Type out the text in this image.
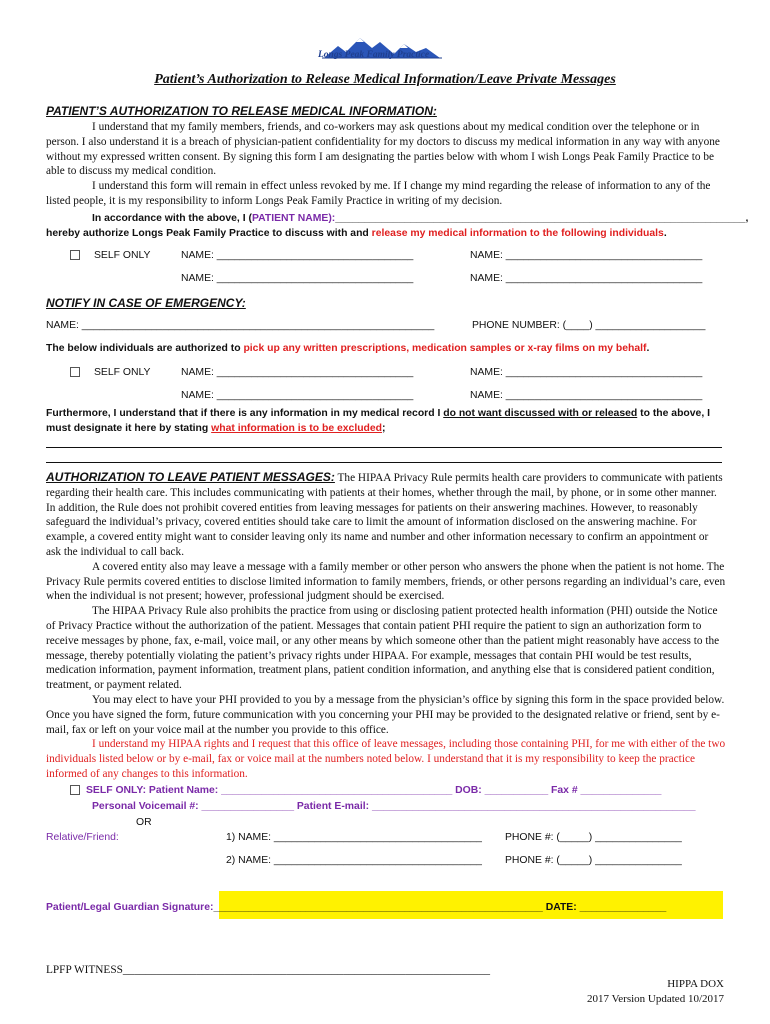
Longs Peak Family Practice
Patient’s Authorization to Release Medical Information/Leave Private Messages
PATIENT’S AUTHORIZATION TO RELEASE MEDICAL INFORMATION:
I understand that my family members, friends, and co-workers may ask questions about my medical condition over the telephone or in person. I also understand it is a breach of physician-patient confidentiality for my doctors to discuss my medical information in any way with anyone without my expressed written consent. By signing this form I am designating the parties below with whom I wish Longs Peak Family Practice to be able to discuss my medical condition.
I understand this form will remain in effect unless revoked by me. If I change my mind regarding the release of information to any of the listed people, it is my responsibility to inform Longs Peak Family Practice in writing of my decision.
In accordance with the above, I (PATIENT NAME):_______________________________________________________________________,
hereby authorize Longs Peak Family Practice to discuss with and release my medical information to the following individuals.
SELF ONLY	NAME: __________________________________	NAME: __________________________________
NAME: __________________________________	NAME: __________________________________
NOTIFY IN CASE OF EMERGENCY:
NAME: _____________________________________________________________	PHONE NUMBER: (____) ___________________
The below individuals are authorized to pick up any written prescriptions, medication samples or x-ray films on my behalf.
SELF ONLY	NAME: __________________________________	NAME: __________________________________
NAME: __________________________________	NAME: __________________________________
Furthermore, I understand that if there is any information in my medical record I do not want discussed with or released to the above, I must designate it here by stating what information is to be excluded;
AUTHORIZATION TO LEAVE PATIENT MESSAGES: The HIPAA Privacy Rule permits health care providers to communicate with patients regarding their health care. This includes communicating with patients at their homes, whether through the mail, by phone, or in some other manner. In addition, the Rule does not prohibit covered entities from leaving messages for patients on their answering machines. However, to reasonably safeguard the individual’s privacy, covered entities should take care to limit the amount of information disclosed on the answering machine. For example, a covered entity might want to consider leaving only its name and number and other information necessary to confirm an appointment or ask the individual to call back.
A covered entity also may leave a message with a family member or other person who answers the phone when the patient is not home. The Privacy Rule permits covered entities to disclose limited information to family members, friends, or other persons regarding an individual’s care, even when the individual is not present; however, professional judgment should be exercised.
The HIPAA Privacy Rule also prohibits the practice from using or disclosing patient protected health information (PHI) outside the Notice of Privacy Practice without the authorization of the patient. Messages that contain patient PHI require the patient to sign an authorization form to receive messages by phone, fax, e-mail, voice mail, or any other means by which someone other than the patient might reasonably have access to the message, thereby potentially violating the patient’s privacy rights under HIPAA. For example, messages that contain PHI would be test results, medication information, payment information, treatment plans, patient condition information, and anything else that is considered patient condition, treatment, or payment related.
You may elect to have your PHI provided to you by a message from the physician’s office by signing this form in the space provided below. Once you have signed the form, future communication with you concerning your PHI may be provided to the designated relative or friend, sent by e-mail, fax or left on your voice mail at the number you provide to this office.
I understand my HIPAA rights and I request that this office of leave messages, including those containing PHI, for me with either of the two individuals listed below or by e-mail, fax or voice mail at the numbers noted below. I understand that it is my responsibility to keep the practice informed of any changes to this information.
SELF ONLY: Patient Name: ________________________________________ DOB: ___________ Fax # ______________
Personal Voicemail #: ________________ Patient E-mail: ________________________________________________________
OR
Relative/Friend:	1) NAME: ____________________________________ PHONE #: (_____) _______________
2) NAME: ____________________________________ PHONE #: (_____) _______________
Patient/Legal Guardian Signature:_________________________________________________________ DATE: _______________
LPFP WITNESS_________________________________________________________________
HIPPA DOX
2017 Version Updated 10/2017
